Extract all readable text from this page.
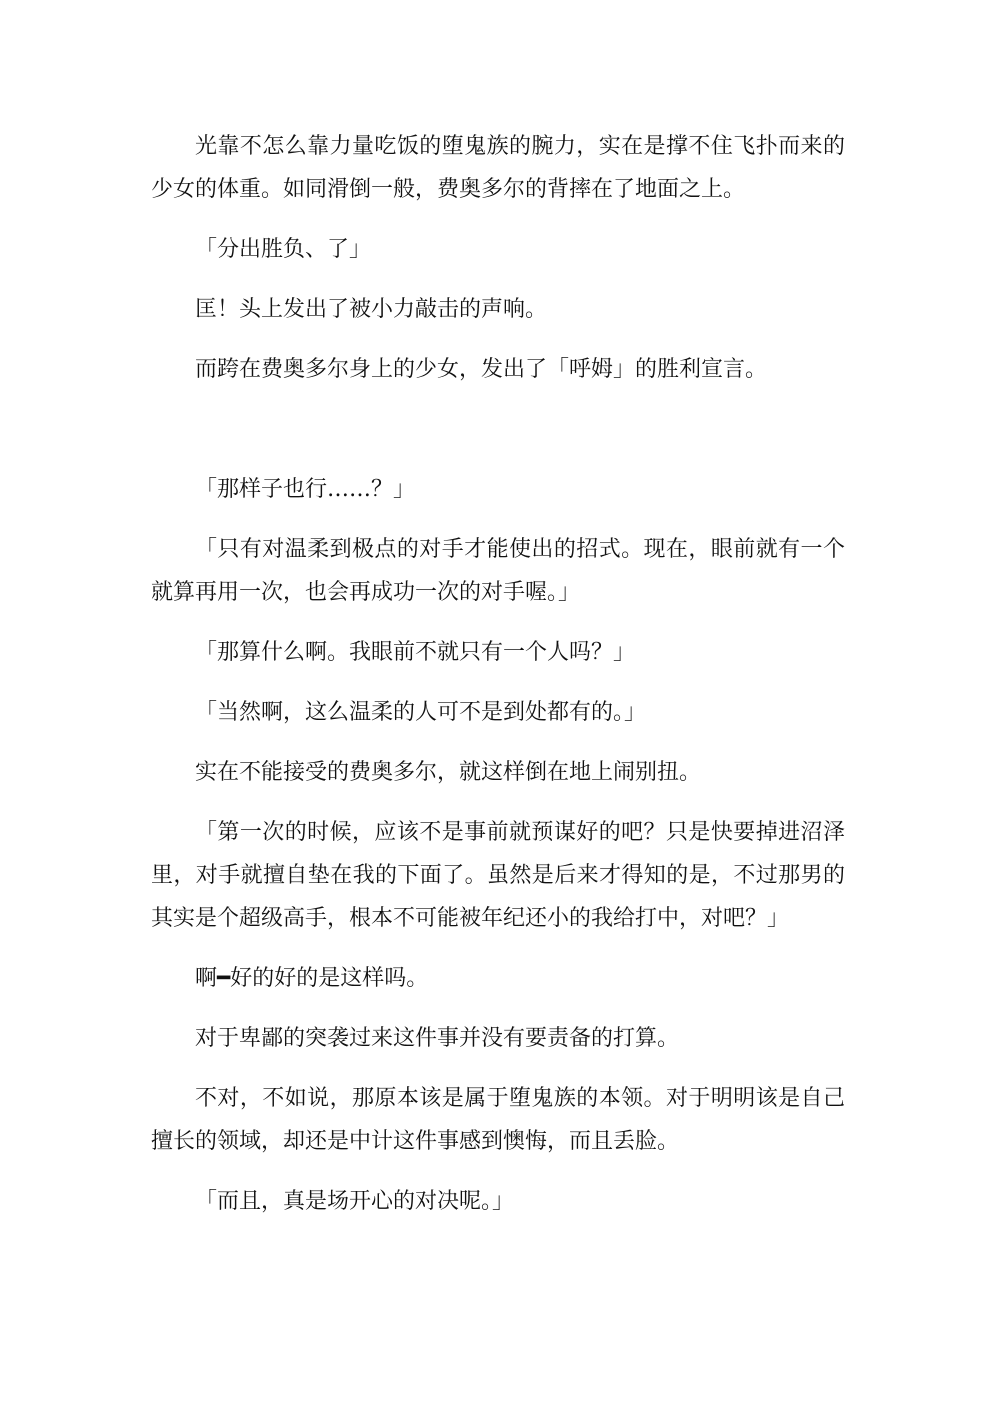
光靠不怎么靠力量吃饭的堕鬼族的腕力，实在是撑不住飞扑而来的少女的体重。如同滑倒一般，费奥多尔的背摔在了地面之上。

「分出胜负、了」

匡！头上发出了被小力敲击的声响。

而跨在费奥多尔身上的少女，发出了「呼姆」的胜利宣言。

「那样子也行……？」

「只有对温柔到极点的对手才能使出的招式。现在，眼前就有一个就算再用一次，也会再成功一次的对手喔。」

「那算什么啊。我眼前不就只有一个人吗？」

「当然啊，这么温柔的人可不是到处都有的。」

实在不能接受的费奥多尔，就这样倒在地上闹别扭。

「第一次的时候，应该不是事前就预谋好的吧？只是快要掉进沼泽里，对手就擅自垫在我的下面了。虽然是后来才得知的是，不过那男的其实是个超级高手，根本不可能被年纪还小的我给打中，对吧？」

啊━好的好的是这样吗。

对于卑鄙的突袭过来这件事并没有要责备的打算。

不对，不如说，那原本该是属于堕鬼族的本领。对于明明该是自己擅长的领域，却还是中计这件事感到懊悔，而且丢脸。

「而且，真是场开心的对决呢。」
